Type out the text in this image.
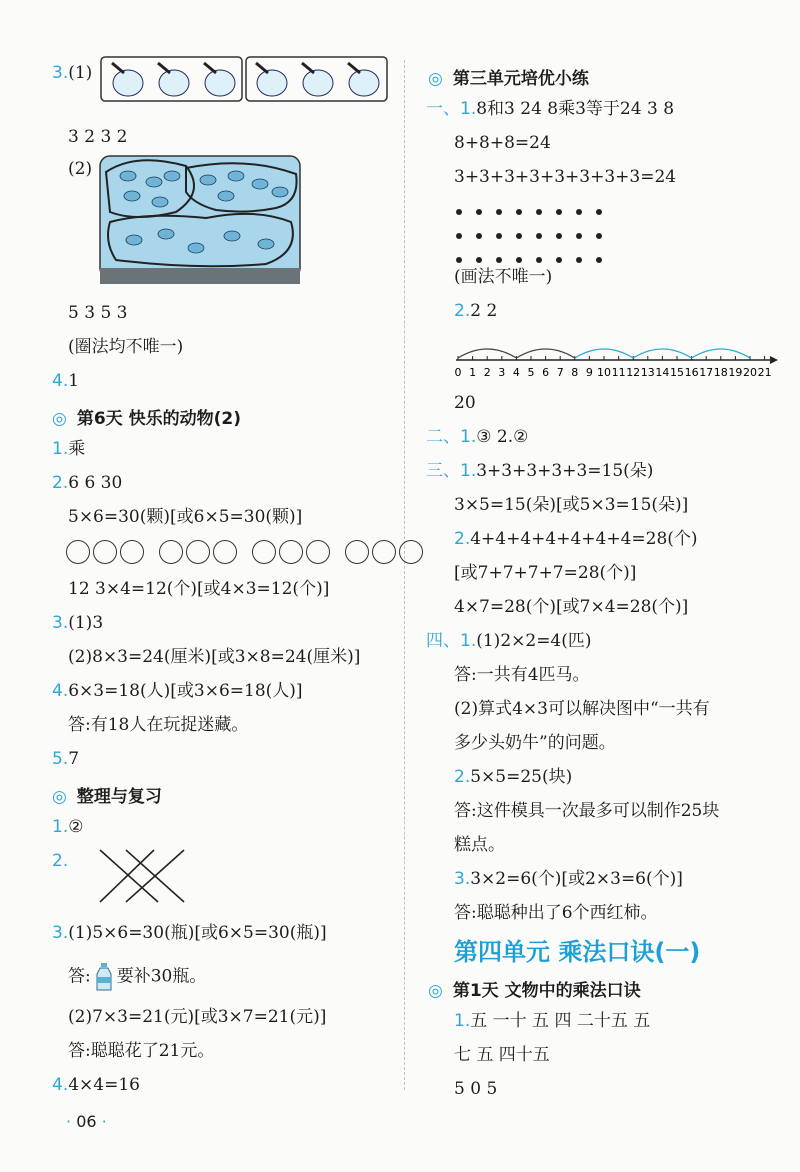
3.(1)
3 2 3 2
(2)
5 3 5 3
(圈法均不唯一)
4.1
◎ 第6天 快乐的动物(2)
1.乘
2.6 6 30
5×6=30(颗)[或6×5=30(颗)]
12 3×4=12(个)[或4×3=12(个)]
3.(1)3
(2)8×3=24(厘米)[或3×8=24(厘米)]
4.6×3=18(人)[或3×6=18(人)]
答:有18人在玩捉迷藏。
5.7
◎ 整理与复习
1.②
2.
3.(1)5×6=30(瓶)[或6×5=30(瓶)]
答: 要补30瓶。
(2)7×3=21(元)[或3×7=21(元)]
答:聪聪花了21元。
4.4×4=16
· 06 ·
◎ 第三单元培优小练
一、1.8和3 24 8乘3等于24 3 8
8+8+8=24
3+3+3+3+3+3+3+3=24
(画法不唯一)
2.2 2
0 1 2 3 4 5 6 7 8 9 10 11 12 13 14 15 16 17 18 19 20 21
20
二、1.③ 2.②
三、1.3+3+3+3+3=15(朵)
3×5=15(朵)[或5×3=15(朵)]
2.4+4+4+4+4+4+4=28(个)
[或7+7+7+7=28(个)]
4×7=28(个)[或7×4=28(个)]
四、1.(1)2×2=4(匹)
答:一共有4匹马。
(2)算式4×3可以解决图中“一共有
多少头奶牛”的问题。
2.5×5=25(块)
答:这件模具一次最多可以制作25块
糕点。
3.3×2=6(个)[或2×3=6(个)]
答:聪聪种出了6个西红柿。
第四单元 乘法口诀(一)
◎ 第1天 文物中的乘法口诀
1.五 一十 五 四 二十五 五
七 五 四十五
5 0 5
